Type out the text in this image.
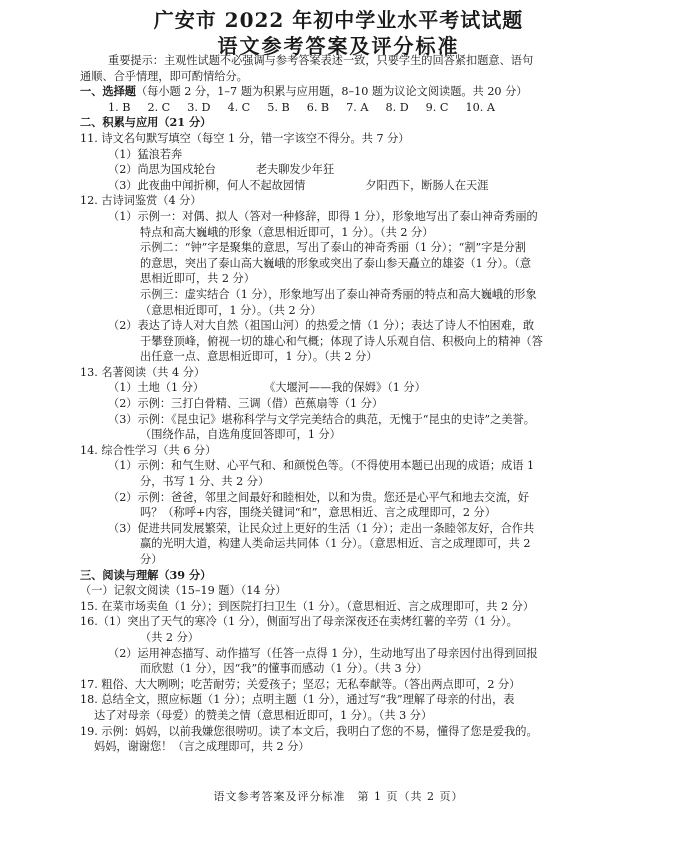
广安市 2022 年初中学业水平考试试题
语文参考答案及评分标准
重要提示：主观性试题不必强调与参考答案表述一致，只要学生的回答紧扣题意、语句
通顺、合乎情理，即可酌情给分。
一、选择题（每小题 2 分，1–7 题为积累与应用题，8–10 题为议论文阅读题。共 20 分）
1. B 2. C 3. D 4. C 5. B 6. B 7. A 8. D 9. C 10. A
二、积累与应用（21 分）
11. 诗文名句默写填空（每空 1 分，错一字该空不得分。共 7 分）
（1）猛浪若奔
（2）尚思为国戍轮台	老夫聊发少年狂
（3）此夜曲中闻折柳，何人不起故园情	夕阳西下，断肠人在天涯
12. 古诗词鉴赏（4 分）
（1）示例一：对偶、拟人（答对一种修辞，即得 1 分），形象地写出了泰山神奇秀丽的
特点和高大巍峨的形象（意思相近即可，1 分）。（共 2 分）
示例二：“钟”字是聚集的意思，写出了泰山的神奇秀丽（1 分）；“割”字是分割
的意思，突出了泰山高大巍峨的形象或突出了泰山参天矗立的雄姿（1 分）。（意
思相近即可，共 2 分）
示例三：虚实结合（1 分），形象地写出了泰山神奇秀丽的特点和高大巍峨的形象
（意思相近即可，1 分）。（共 2 分）
（2）表达了诗人对大自然（祖国山河）的热爱之情（1 分）；表达了诗人不怕困难，敢
于攀登顶峰，俯视一切的雄心和气概；体现了诗人乐观自信、积极向上的精神（答
出任意一点、意思相近即可，1 分）。（共 2 分）
13. 名著阅读（共 4 分）
（1）土地（1 分）	《大堰河——我的保姆》（1 分）
（2）示例：三打白骨精、三调（借）芭蕉扇等（1 分）
（3）示例：《昆虫记》堪称科学与文学完美结合的典范，无愧于“昆虫的史诗”之美誉。
（围绕作品，自选角度回答即可，1 分）
14. 综合性学习（共 6 分）
（1）示例：和气生财、心平气和、和颜悦色等。（不得使用本题已出现的成语；成语 1
分，书写 1 分、共 2 分）
（2）示例：爸爸，邻里之间最好和睦相处，以和为贵。您还是心平气和地去交流，好
吗？（称呼+内容，围绕关键词“和”，意思相近、言之成理即可，2 分）
（3）促进共同发展繁荣，让民众过上更好的生活（1 分）；走出一条睦邻友好，合作共
赢的光明大道，构建人类命运共同体（1 分）。（意思相近、言之成理即可，共 2
分）
三、阅读与理解（39 分）
（一）记叙文阅读（15–19 题）（14 分）
15. 在菜市场卖鱼（1 分）；到医院打扫卫生（1 分）。（意思相近、言之成理即可，共 2 分）
16.（1）突出了天气的寒冷（1 分），侧面写出了母亲深夜还在卖烤红薯的辛劳（1 分）。
（共 2 分）
（2）运用神态描写、动作描写（任答一点得 1 分），生动地写出了母亲因付出得到回报
而欣慰（1 分），因“我”的懂事而感动（1 分）。（共 3 分）
17. 粗俗、大大咧咧；吃苦耐劳；关爱孩子；坚忍；无私奉献等。（答出两点即可，2 分）
18. 总结全文，照应标题（1 分）；点明主题（1 分），通过写“我”理解了母亲的付出，表
达了对母亲（母爱）的赞美之情（意思相近即可，1 分）。（共 3 分）
19. 示例：妈妈，以前我嫌您很唠叨。读了本文后，我明白了您的不易，懂得了您是爱我的。
妈妈，谢谢您！（言之成理即可，共 2 分）
语文参考答案及评分标准　第 1 页（共 2 页）
